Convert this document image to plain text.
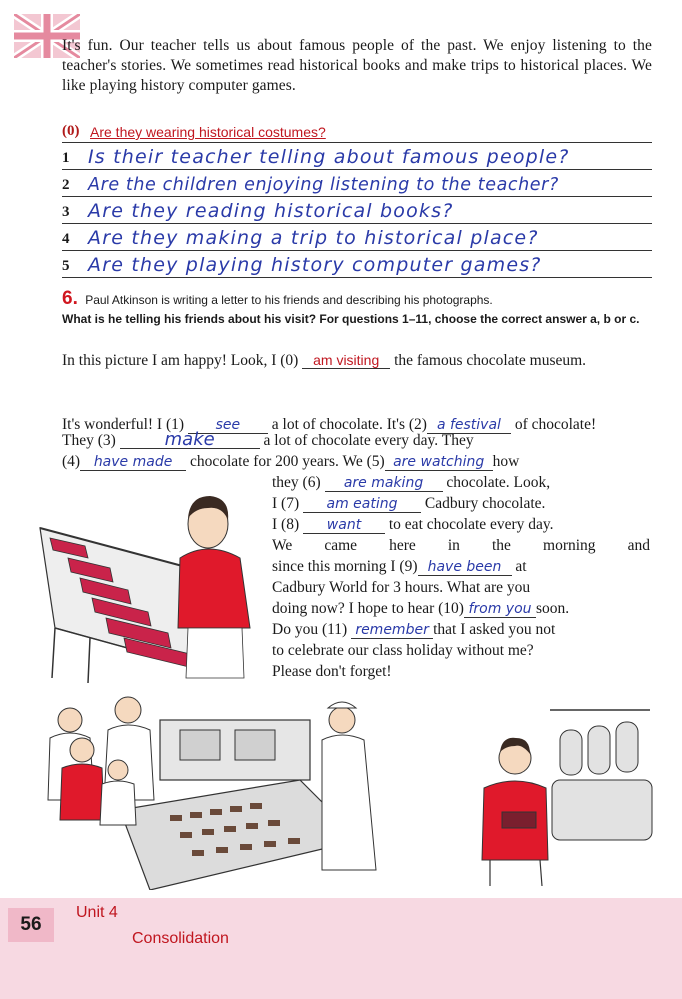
It's fun. Our teacher tells us about famous people of the past. We enjoy listening to the teacher's stories. We sometimes read historical books and make trips to historical places. We like playing history computer games.
(0) Are they wearing historical costumes?
1 Is their teacher telling about famous people?
2	Are the children enjoying listening to the teacher?
3 Are they reading historical books?
4 Are they making a trip to historical place?
5 Are they playing history computer games?
6. Paul Atkinson is writing a letter to his friends and describing his photographs.
What is he telling his friends about his visit? For questions 1–11, choose the correct answer a, b or c.
In this picture I am happy! Look, I (0) am visiting the famous chocolate museum.
It's wonderful! I (1) see a lot of chocolate. It's (2) a festival of chocolate!
They (3)	make	a lot of chocolate every day. They
(4) have made chocolate for 200 years. We (5) are watching how
they (6) are making chocolate. Look,
I (7) am eating Cadbury chocolate.
I (8) want to eat chocolate every day.
We came here in the morning and
since this morning I (9) have been at
Cadbury World for 3 hours. What are you
doing now? I hope to hear (10) from you soon.
Do you (11) remember that I asked you not
to celebrate our class holiday without me?
Please don't forget!
56
Unit 4
Consolidation
